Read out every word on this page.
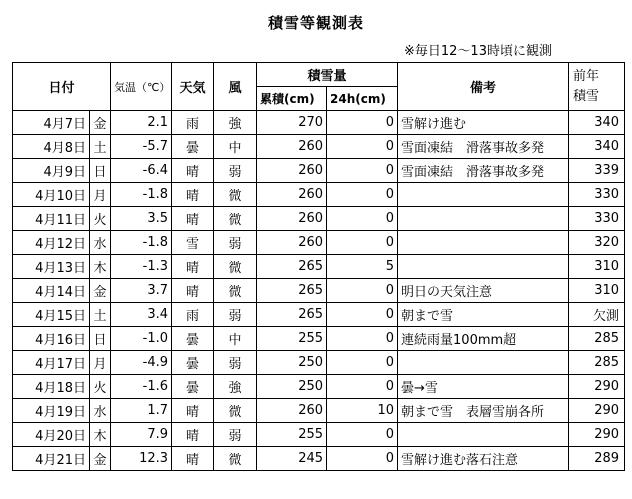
積雪等観測表
※毎日12～13時頃に観測
日付		気温（℃）	天気	風	積雪量		備考	前年
積雪

					累積(cm)	24h(cm)		
4月7日	金	2.1	雨	強	270	0	雪解け進む	340
4月8日	土	-5.7	曇	中	260	0	雪面凍結　滑落事故多発	340
4月9日	日	-6.4	晴	弱	260	0	雪面凍結　滑落事故多発	339
4月10日	月	-1.8	晴	微	260	0		330
4月11日	火	3.5	晴	微	260	0		330
4月12日	水	-1.8	雪	弱	260	0		320
4月13日	木	-1.3	晴	微	265	5		310
4月14日	金	3.7	晴	微	265	0	明日の天気注意	310
4月15日	土	3.4	雨	弱	265	0	朝まで雪	欠測
4月16日	日	-1.0	曇	中	255	0	連続雨量100mm超	285
4月17日	月	-4.9	曇	弱	250	0		285
4月18日	火	-1.6	曇	強	250	0	曇→雪	290
4月19日	水	1.7	晴	微	260	10	朝まで雪　表層雪崩各所	290
4月20日	木	7.9	晴	弱	255	0		290
4月21日	金	12.3	晴	微	245	0	雪解け進む落石注意	289
